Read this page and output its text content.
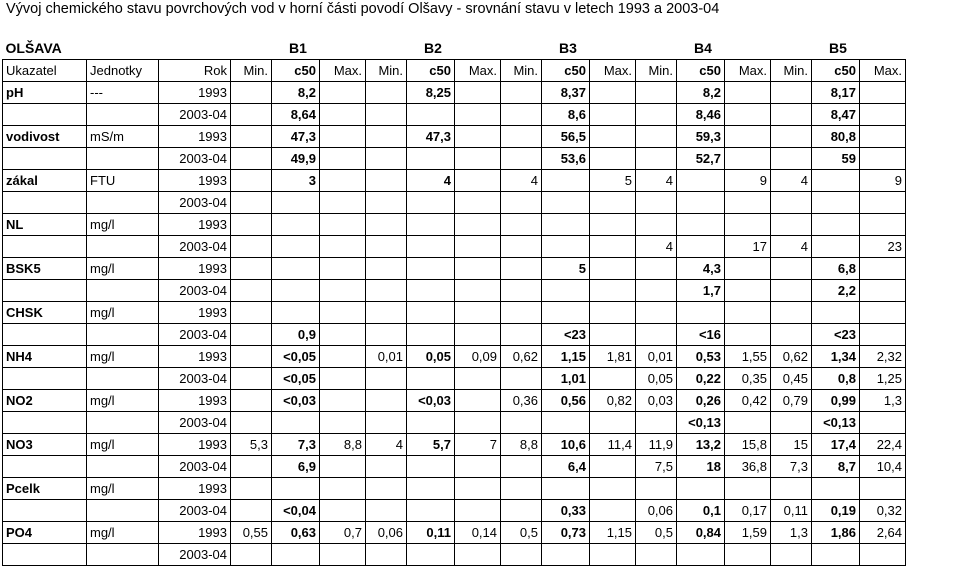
Vývoj chemického stavu povrchových vod v horní části povodí Olšavy - srovnání stavu v letech 1993 a 2003-04
OLŠAVA			B1			B2			B3			B4			B5		
Ukazatel	Jednotky	Rok	Min.	c50	Max.	Min.	c50	Max.	Min.	c50	Max.	Min.	c50	Max.	Min.	c50	Max.
pH	---	1993		8,2			8,25			8,37			8,2			8,17	
		2003-04		8,64						8,6			8,46			8,47	
vodivost	mS/m	1993		47,3			47,3			56,5			59,3			80,8	
		2003-04		49,9						53,6			52,7			59	
zákal	FTU	1993		3			4		4		5	4		9	4		9
		2003-04															
NL	mg/l	1993															
		2003-04										4		17	4		23
BSK5	mg/l	1993								5			4,3			6,8	
		2003-04											1,7			2,2	
CHSK	mg/l	1993															
		2003-04		0,9						<23			<16			<23	
NH4	mg/l	1993		<0,05		0,01	0,05	0,09	0,62	1,15	1,81	0,01	0,53	1,55	0,62	1,34	2,32
		2003-04		<0,05						1,01		0,05	0,22	0,35	0,45	0,8	1,25
NO2	mg/l	1993		<0,03			<0,03		0,36	0,56	0,82	0,03	0,26	0,42	0,79	0,99	1,3
		2003-04											<0,13			<0,13	
NO3	mg/l	1993	5,3	7,3	8,8	4	5,7	7	8,8	10,6	11,4	11,9	13,2	15,8	15	17,4	22,4
		2003-04		6,9						6,4		7,5	18	36,8	7,3	8,7	10,4
Pcelk	mg/l	1993															
		2003-04		<0,04						0,33		0,06	0,1	0,17	0,11	0,19	0,32
PO4	mg/l	1993	0,55	0,63	0,7	0,06	0,11	0,14	0,5	0,73	1,15	0,5	0,84	1,59	1,3	1,86	2,64
		2003-04															
